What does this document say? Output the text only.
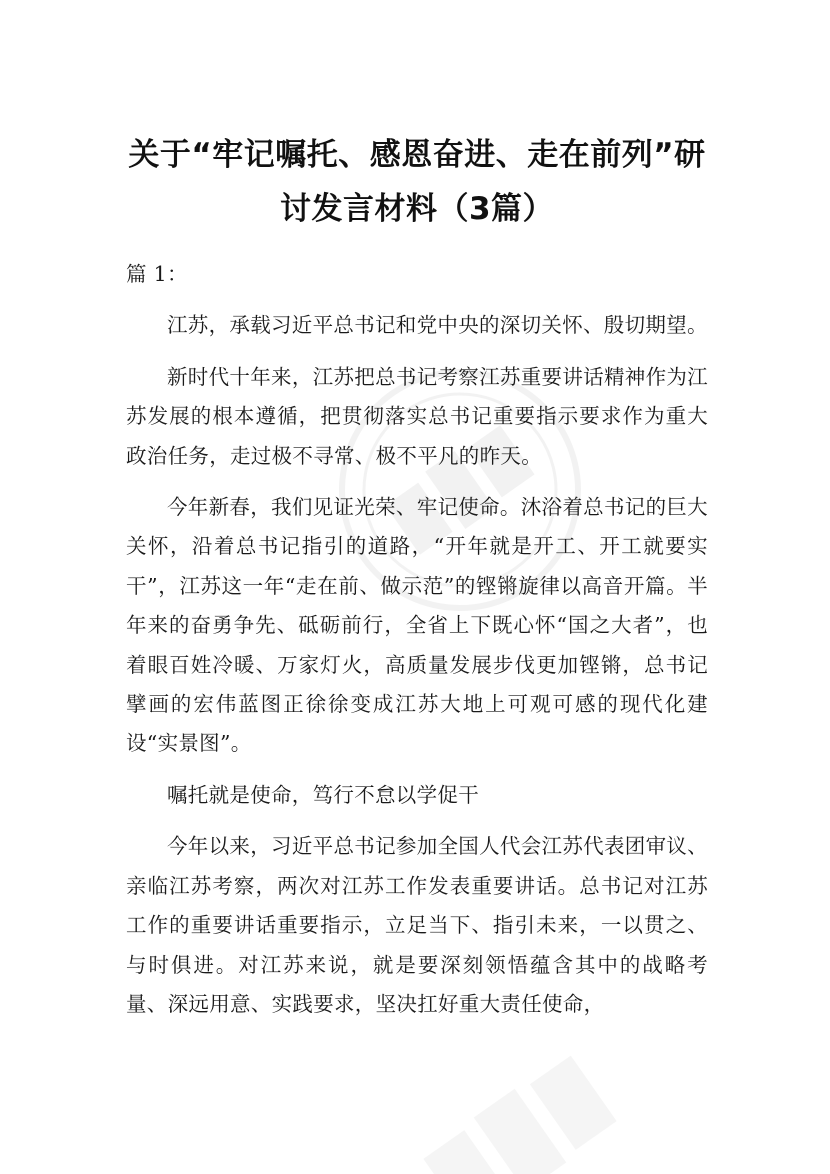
关于“牢记嘱托、感恩奋进、走在前列”研
讨发言材料（3篇）

篇 1：

江苏，承载习近平总书记和党中央的深切关怀、殷切期望。

新时代十年来，江苏把总书记考察江苏重要讲话精神作为江苏发展的根本遵循，把贯彻落实总书记重要指示要求作为重大政治任务，走过极不寻常、极不平凡的昨天。

今年新春，我们见证光荣、牢记使命。沐浴着总书记的巨大关怀，沿着总书记指引的道路，“开年就是开工、开工就要实干”，江苏这一年“走在前、做示范”的铿锵旋律以高音开篇。半年来的奋勇争先、砥砺前行，全省上下既心怀“国之大者”，也着眼百姓冷暖、万家灯火，高质量发展步伐更加铿锵，总书记擘画的宏伟蓝图正徐徐变成江苏大地上可观可感的现代化建设“实景图”。

嘱托就是使命，笃行不怠以学促干

今年以来，习近平总书记参加全国人代会江苏代表团审议、亲临江苏考察，两次对江苏工作发表重要讲话。总书记对江苏工作的重要讲话重要指示，立足当下、指引未来，一以贯之、与时俱进。对江苏来说，就是要深刻领悟蕴含其中的战略考量、深远用意、实践要求，坚决扛好重大责任使命，
